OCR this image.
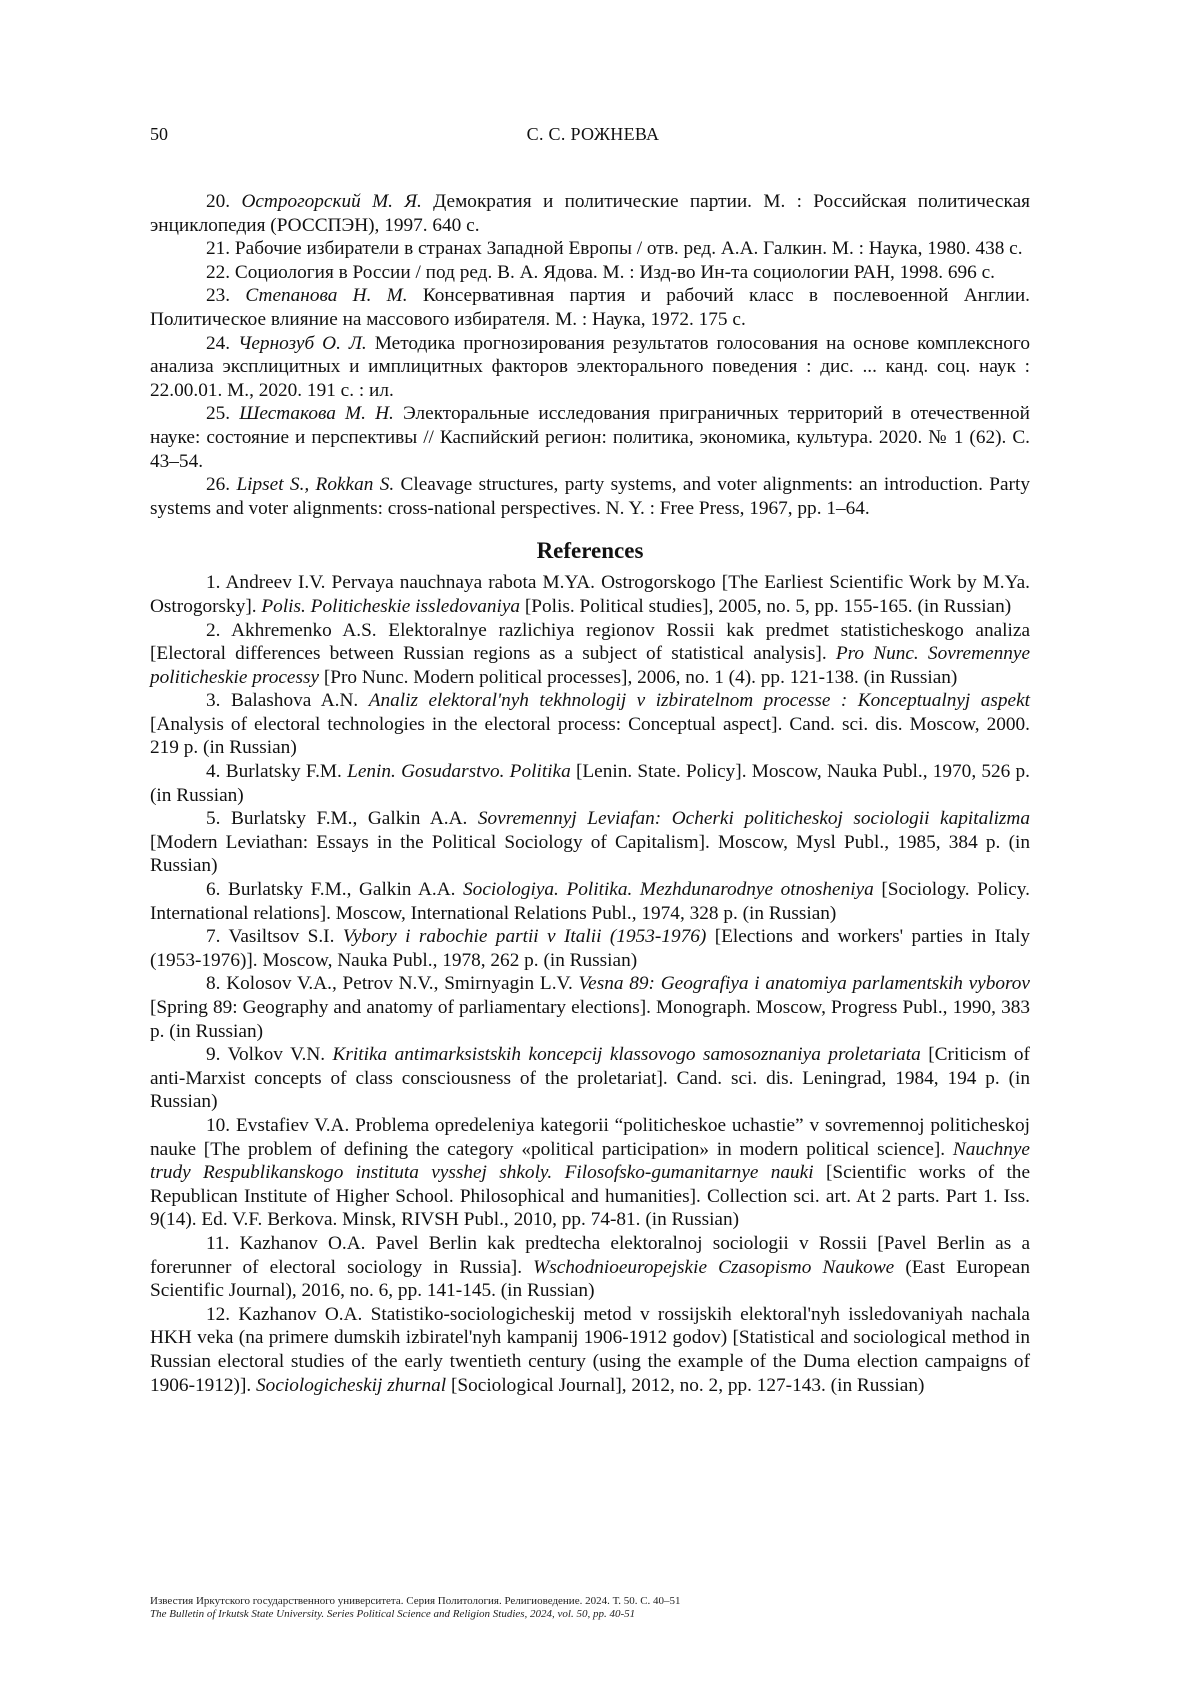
50	С. С. РОЖНЕВА

20. Острогорский М. Я. Демократия и политические партии. М. : Российская политическая энциклопедия (РОССПЭН), 1997. 640 с.

21. Рабочие избиратели в странах Западной Европы / отв. ред. А.А. Галкин. М. : Наука, 1980. 438 с.

22. Социология в России / под ред. В. А. Ядова. М. : Изд-во Ин-та социологии РАН, 1998. 696 с.

23. Степанова Н. М. Консервативная партия и рабочий класс в послевоенной Англии. Политическое влияние на массового избирателя. М. : Наука, 1972. 175 с.

24. Чернозуб О. Л. Методика прогнозирования результатов голосования на основе комплексного анализа эксплицитных и имплицитных факторов электорального поведения : дис. ... канд. соц. наук : 22.00.01. М., 2020. 191 с. : ил.

25. Шестакова М. Н. Электоральные исследования приграничных территорий в отечественной науке: состояние и перспективы // Каспийский регион: политика, экономика, культура. 2020. № 1 (62). С. 43–54.

26. Lipset S., Rokkan S. Cleavage structures, party systems, and voter alignments: an introduction. Party systems and voter alignments: cross-national perspectives. N. Y. : Free Press, 1967, pp. 1–64.

References

1. Andreev I.V. Pervaya nauchnaya rabota M.YA. Ostrogorskogo [The Earliest Scientific Work by M.Ya. Ostrogorsky]. Polis. Politicheskie issledovaniya [Polis. Political studies], 2005, no. 5, pp. 155-165. (in Russian)

2. Akhremenko A.S. Elektoralnye razlichiya regionov Rossii kak predmet statisticheskogo analiza [Electoral differences between Russian regions as a subject of statistical analysis]. Pro Nunc. Sovremennye politicheskie processy [Pro Nunc. Modern political processes], 2006, no. 1 (4). pp. 121-138. (in Russian)

3. Balashova A.N. Analiz elektoral'nyh tekhnologij v izbiratelnom processe : Konceptualnyj aspekt [Analysis of electoral technologies in the electoral process: Conceptual aspect]. Cand. sci. dis. Moscow, 2000. 219 p. (in Russian)

4. Burlatsky F.M. Lenin. Gosudarstvo. Politika [Lenin. State. Policy]. Moscow, Nauka Publ., 1970, 526 p. (in Russian)

5. Burlatsky F.M., Galkin A.A. Sovremennyj Leviafan: Ocherki politicheskoj sociologii kapitalizma [Modern Leviathan: Essays in the Political Sociology of Capitalism]. Moscow, Mysl Publ., 1985, 384 p. (in Russian)

6. Burlatsky F.M., Galkin A.A. Sociologiya. Politika. Mezhdunarodnye otnosheniya [Sociology. Policy. International relations]. Moscow, International Relations Publ., 1974, 328 p. (in Russian)

7. Vasiltsov S.I. Vybory i rabochie partii v Italii (1953-1976) [Elections and workers' parties in Italy (1953-1976)]. Moscow, Nauka Publ., 1978, 262 p. (in Russian)

8. Kolosov V.A., Petrov N.V., Smirnyagin L.V. Vesna 89: Geografiya i anatomiya parlamentskih vyborov [Spring 89: Geography and anatomy of parliamentary elections]. Monograph. Moscow, Progress Publ., 1990, 383 p. (in Russian)

9. Volkov V.N. Kritika antimarksistskih koncepcij klassovogo samosoznaniya proletariata [Criticism of anti-Marxist concepts of class consciousness of the proletariat]. Cand. sci. dis. Leningrad, 1984, 194 p. (in Russian)

10. Evstafiev V.A. Problema opredeleniya kategorii “politicheskoe uchastie” v sovremennoj politicheskoj nauke [The problem of defining the category «political participation» in modern political science]. Nauchnye trudy Respublikanskogo instituta vysshej shkoly. Filosofsko-gumanitarnye nauki [Scientific works of the Republican Institute of Higher School. Philosophical and humanities]. Collection sci. art. At 2 parts. Part 1. Iss. 9(14). Ed. V.F. Berkova. Minsk, RIVSH Publ., 2010, pp. 74-81. (in Russian)

11. Kazhanov O.A. Pavel Berlin kak predtecha elektoralnoj sociologii v Rossii [Pavel Berlin as a forerunner of electoral sociology in Russia]. Wschodnioeuropejskie Czasopismo Naukowe (East European Scientific Journal), 2016, no. 6, pp. 141-145. (in Russian)

12. Kazhanov O.A. Statistiko-sociologicheskij metod v rossijskih elektoral'nyh issledovaniyah nachala HKH veka (na primere dumskih izbiratel'nyh kampanij 1906-1912 godov) [Statistical and sociological method in Russian electoral studies of the early twentieth century (using the example of the Duma election campaigns of 1906-1912)]. Sociologicheskij zhurnal [Sociological Journal], 2012, no. 2, pp. 127-143. (in Russian)

Известия Иркутского государственного университета. Серия Политология. Религиоведение. 2024. Т. 50. С. 40–51
The Bulletin of Irkutsk State University. Series Political Science and Religion Studies, 2024, vol. 50, pp. 40-51
